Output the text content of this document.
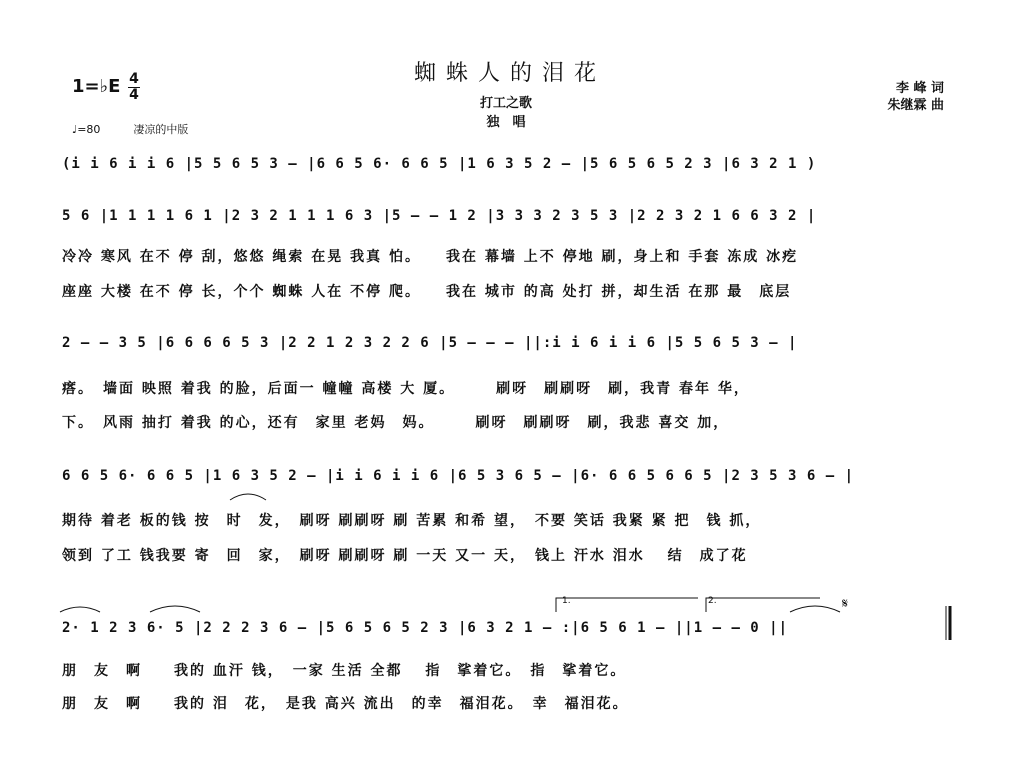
蜘蛛人的泪花
1=♭E 4
4
♩=80	凄凉的中版
打工之歌
独　唱
李 峰 词
朱继霖 曲
(i i 6 i i 6 |5 5 6 5 3 – |6 6 5 6· 6 6 5 |1 6 3 5 2 – |5 6 5 6 5 2 3 |6 3 2 1 )
5 6 |1 1 1 1 6 1 |2 3 2 1 1 1 6 3 |5 – – 1 2 |3 3 3 2 3 5 3 |2 2 3 2 1 6 6 3 2 |
冷冷 寒风 在不 停 刮，悠悠 绳索 在晃 我真 怕。　　我在 幕墙 上不 停地 刷，身上和 手套 冻成 冰疙
座座 大楼 在不 停 长，个个 蜘蛛 人在 不停 爬。　　我在 城市 的高 处打 拼，却生活 在那 最　底层
2 – – 3 5 |6 6 6 6 5 3 |2 2 1 2 3 2 2 6 |5 – – – ||:i i 6 i i 6 |5 5 6 5 3 – |
瘩。　墙面 映照 着我 的脸，后面一 幢幢 高楼 大 厦。　　　刷呀　刷刷呀　刷，我青 春年 华，
下。　风雨 抽打 着我 的心，还有　家里 老妈　妈。　　　刷呀　刷刷呀　刷，我悲 喜交 加，
6 6 5 6· 6 6 5 |1 6 3 5 2 – |i i 6 i i 6 |6 5 3 6 5 – |6· 6 6 5 6 6 5 |2 3 5 3 6 – |
期待 着老 板的钱 按　时　发，　刷呀 刷刷呀 刷 苦累 和希 望，　不要 笑话 我紧 紧 把　钱 抓，
领到 了工 钱我要 寄　回　家，　刷呀 刷刷呀 刷 一天 又一 天，　钱上 汗水 泪水　 结　成了花
1.	2.	𝄋
2· 1 2 3 6· 5 |2 2 2 3 6 – |5 6 5 6 5 2 3 |6 3 2 1 – :|6 5 6 1 – ||1 – – 0 ||
朋　友　啊　　我的 血汗 钱，　一家 生活 全都　 指　挲着它。　指　挲着它。
朋　友　啊　　我的 泪　花，　是我 高兴 流出　的幸　福泪花。　幸　福泪花。
